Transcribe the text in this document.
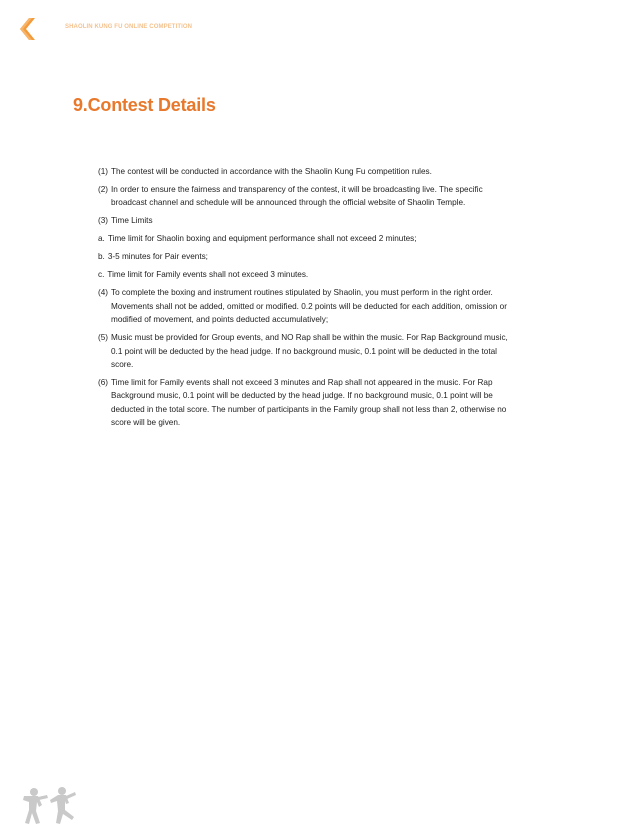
SHAOLIN KUNG FU ONLINE COMPETITION
9.Contest Details
(1) The contest will be conducted in accordance with the Shaolin Kung Fu competition rules.
(2) In order to ensure the fairness and transparency of the contest, it will be broadcasting live. The specific broadcast channel and schedule will be announced through the official website of Shaolin Temple.
(3) Time Limits
a. Time limit for Shaolin boxing and equipment performance shall not exceed 2 minutes;
b. 3-5 minutes for Pair events;
c. Time limit for Family events shall not exceed 3 minutes.
(4) To complete the boxing and instrument routines stipulated by Shaolin, you must perform in the right order. Movements shall not be added, omitted or modified. 0.2 points will be deducted for each addition, omission or modified of movement, and points deducted accumulatively;
(5) Music must be provided for Group events, and NO Rap shall be within the music. For Rap Background music, 0.1 point will be deducted by the head judge. If no background music, 0.1 point will be deducted in the total score.
(6) Time limit for Family events shall not exceed 3 minutes and Rap shall not appeared in the music. For Rap Background music, 0.1 point will be deducted by the head judge. If no background music, 0.1 point will be deducted in the total score. The number of participants in the Family group shall not less than 2, otherwise no score will be given.
